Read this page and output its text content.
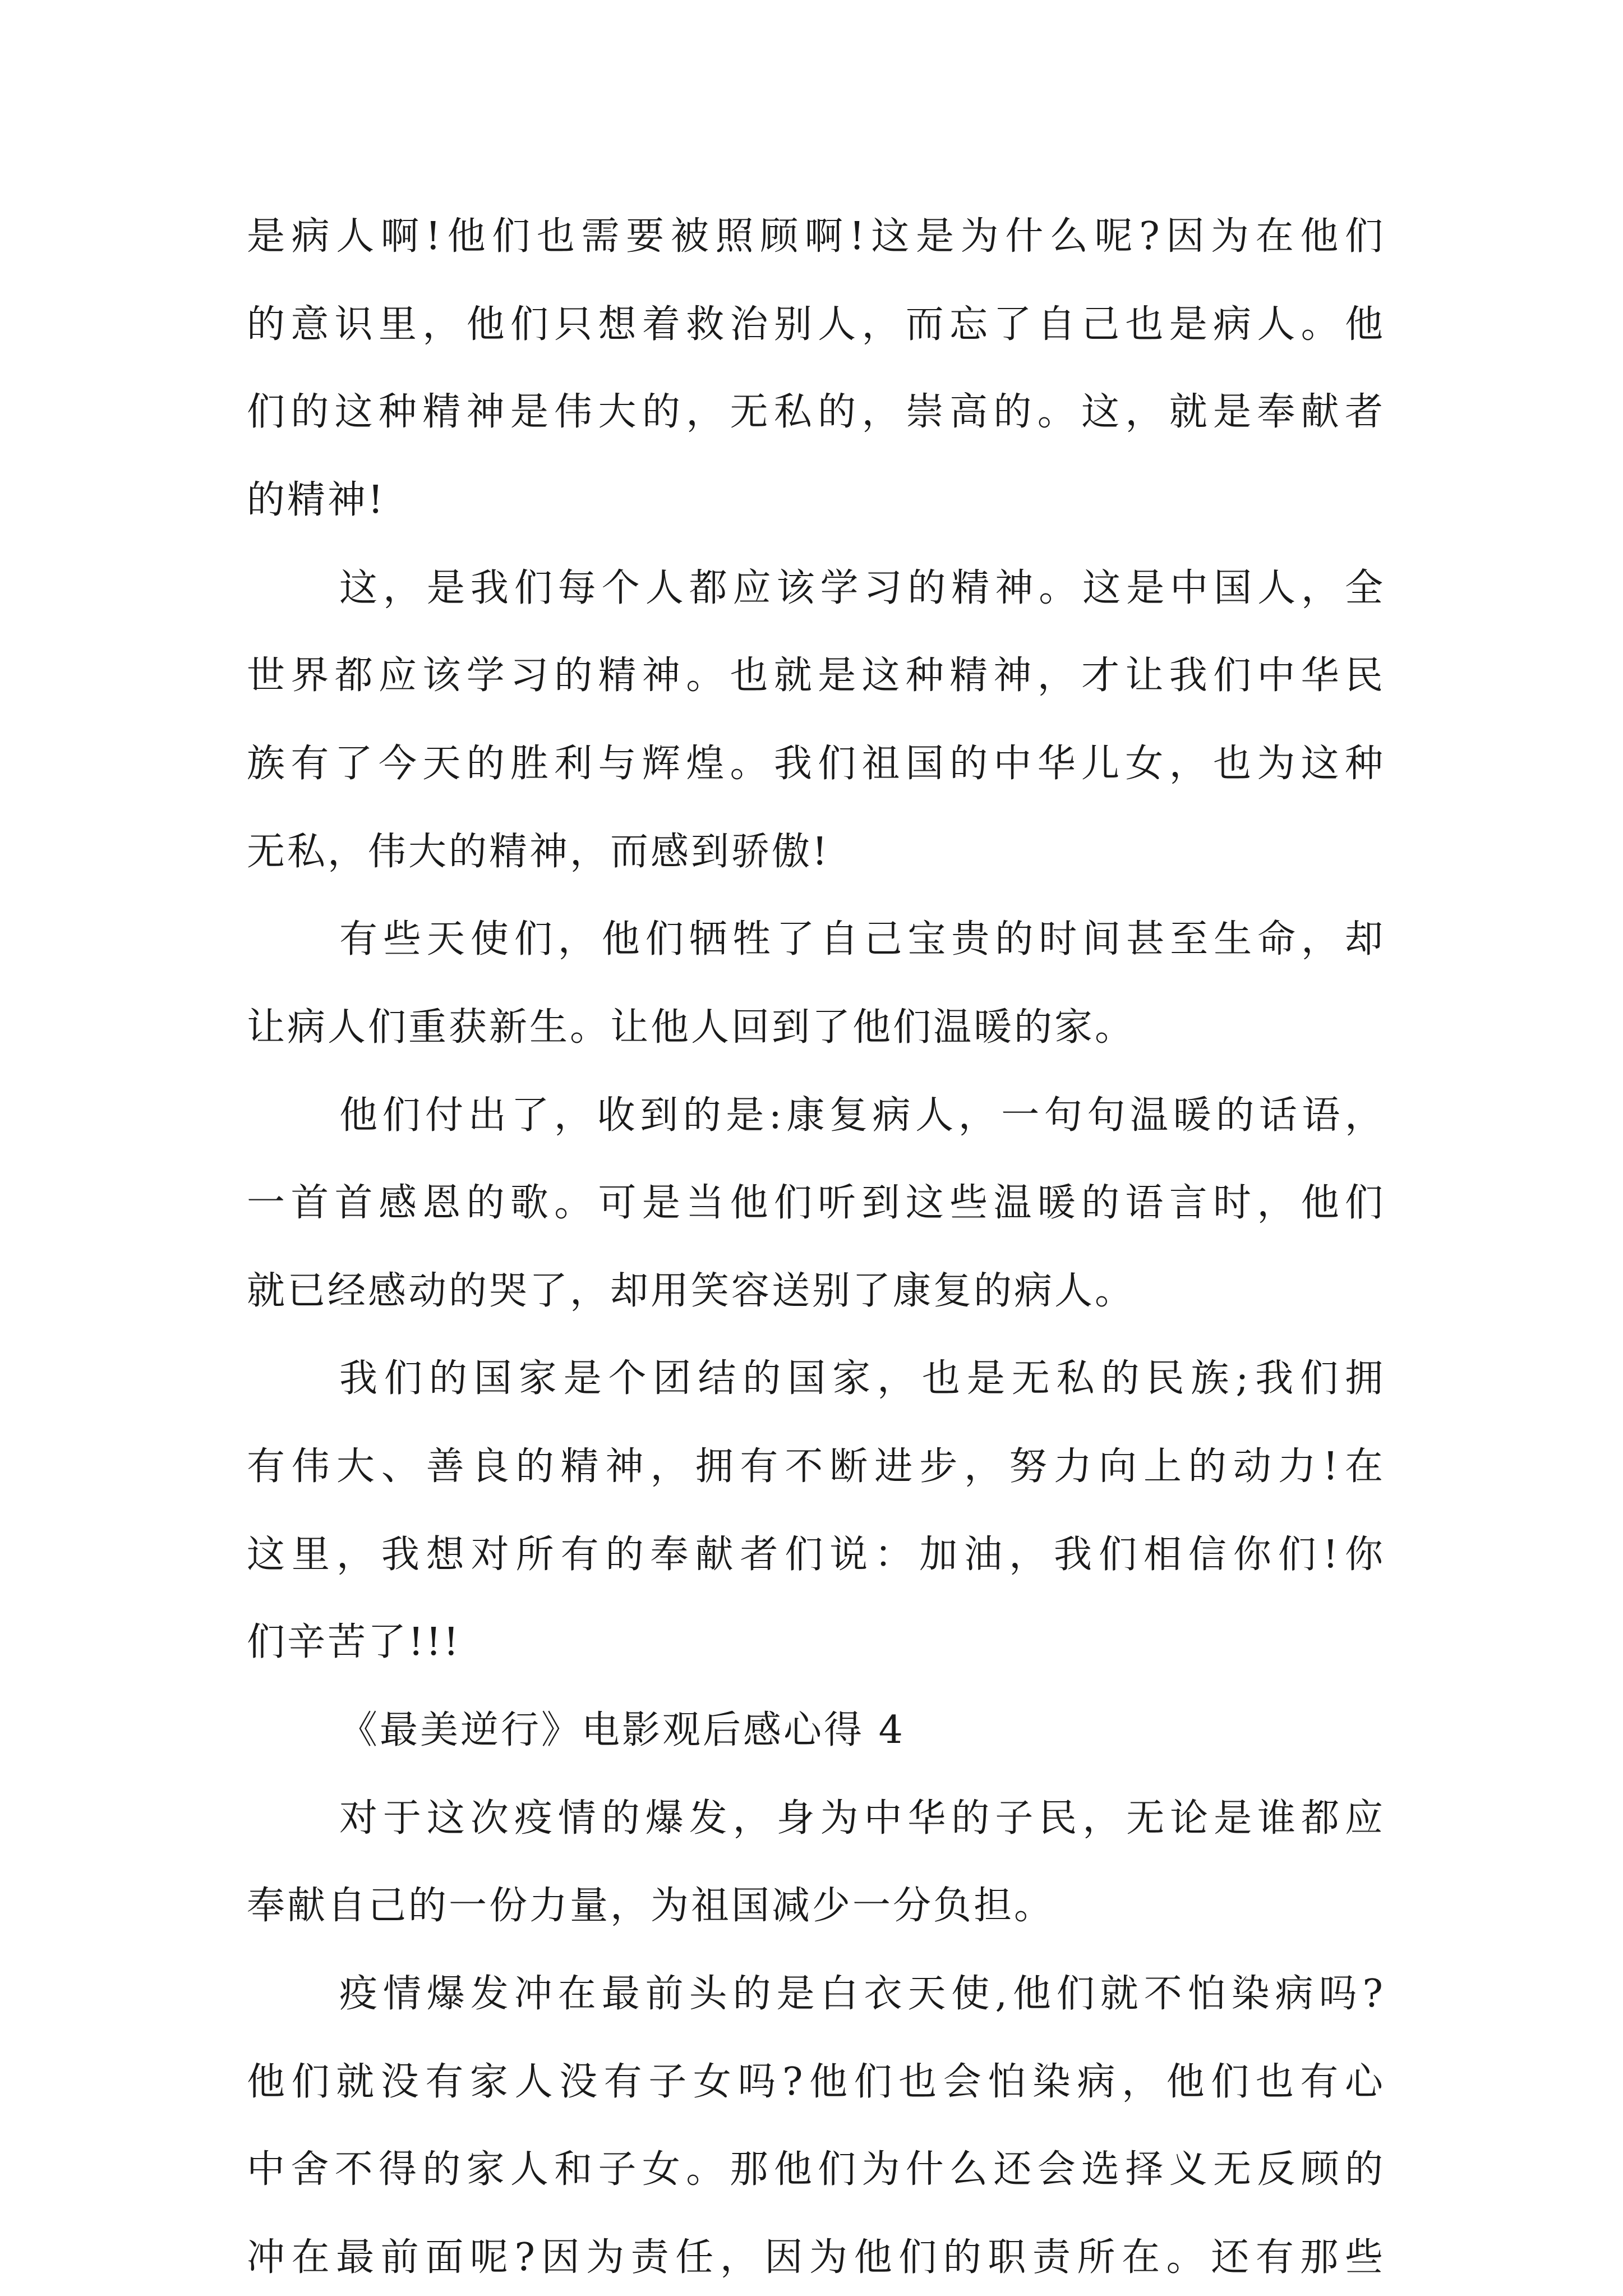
是病人啊!他们也需要被照顾啊!这是为什么呢?因为在他们
的意识里，他们只想着救治别人，而忘了自己也是病人。他
们的这种精神是伟大的，无私的，崇高的。这，就是奉献者
的精神!
这，是我们每个人都应该学习的精神。这是中国人，全
世界都应该学习的精神。也就是这种精神，才让我们中华民
族有了今天的胜利与辉煌。我们祖国的中华儿女，也为这种
无私，伟大的精神，而感到骄傲!
有些天使们，他们牺牲了自己宝贵的时间甚至生命，却
让病人们重获新生。让他人回到了他们温暖的家。
他们付出了，收到的是:康复病人，一句句温暖的话语，
一首首感恩的歌。可是当他们听到这些温暖的语言时，他们
就已经感动的哭了，却用笑容送别了康复的病人。
我们的国家是个团结的国家，也是无私的民族;我们拥
有伟大、善良的精神，拥有不断进步，努力向上的动力!在
这里，我想对所有的奉献者们说：加油，我们相信你们!你
们辛苦了!!!
《最美逆行》电影观后感心得 4
对于这次疫情的爆发，身为中华的子民，无论是谁都应
奉献自己的一份力量，为祖国减少一分负担。
疫情爆发冲在最前头的是白衣天使,他们就不怕染病吗?
他们就没有家人没有子女吗?他们也会怕染病，他们也有心
中舍不得的家人和子女。那他们为什么还会选择义无反顾的
冲在最前面呢?因为责任，因为他们的职责所在。还有那些
